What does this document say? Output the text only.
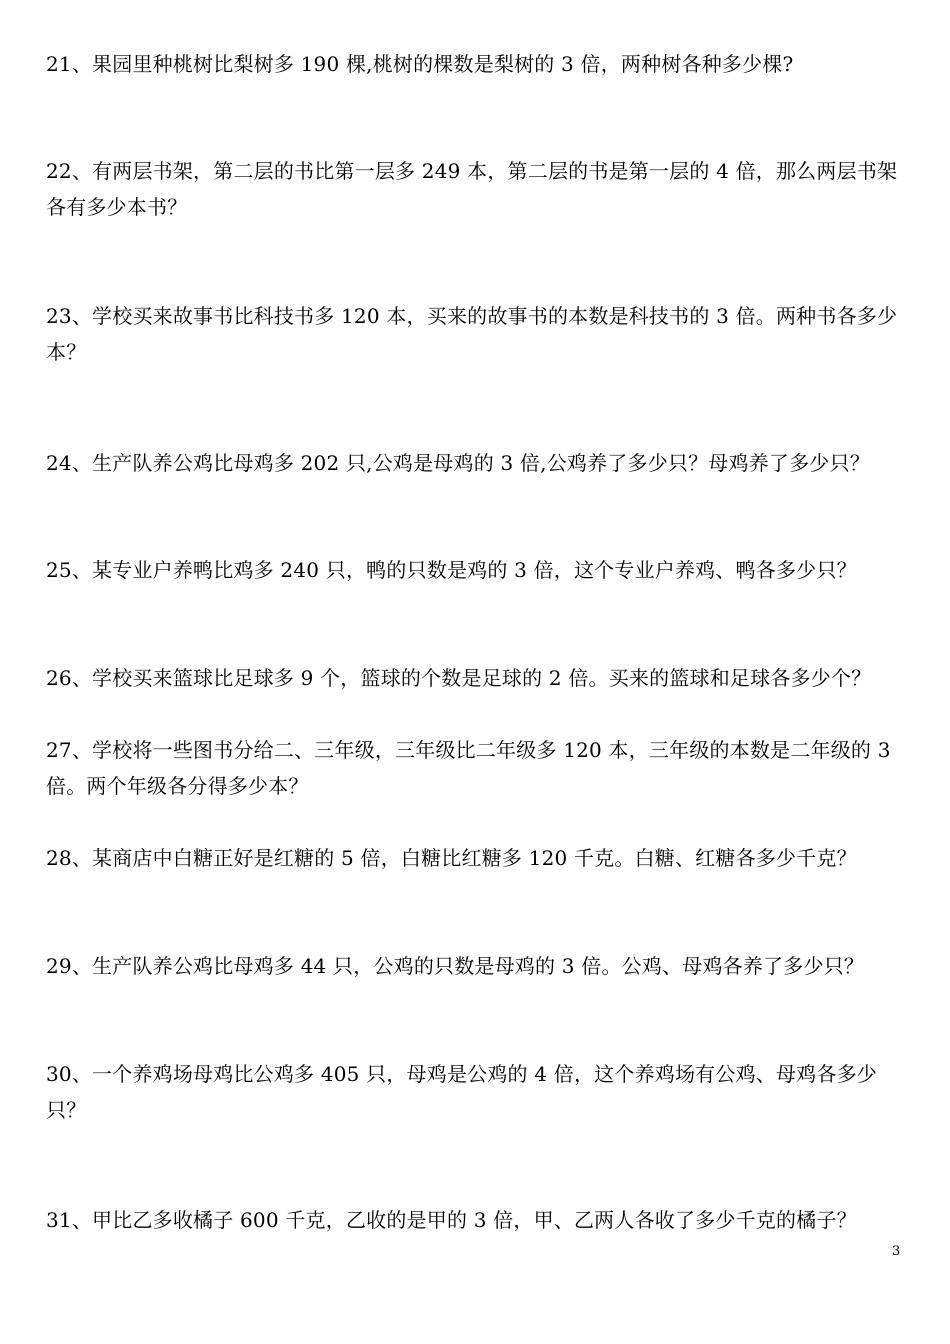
21、果园里种桃树比梨树多 190 棵,桃树的棵数是梨树的 3 倍，两种树各种多少棵?

22、有两层书架，第二层的书比第一层多 249 本，第二层的书是第一层的 4 倍，那么两层书架各有多少本书？

23、学校买来故事书比科技书多 120 本，买来的故事书的本数是科技书的 3 倍。两种书各多少本？

24、生产队养公鸡比母鸡多 202 只,公鸡是母鸡的 3 倍,公鸡养了多少只？母鸡养了多少只？

25、某专业户养鸭比鸡多 240 只，鸭的只数是鸡的 3 倍，这个专业户养鸡、鸭各多少只？

26、学校买来篮球比足球多 9 个，篮球的个数是足球的 2 倍。买来的篮球和足球各多少个？

27、学校将一些图书分给二、三年级，三年级比二年级多 120 本，三年级的本数是二年级的 3 倍。两个年级各分得多少本？

28、某商店中白糖正好是红糖的 5 倍，白糖比红糖多 120 千克。白糖、红糖各多少千克？

29、生产队养公鸡比母鸡多 44 只，公鸡的只数是母鸡的 3 倍。公鸡、母鸡各养了多少只？

30、一个养鸡场母鸡比公鸡多 405 只，母鸡是公鸡的 4 倍，这个养鸡场有公鸡、母鸡各多少只？

31、甲比乙多收橘子 600 千克，乙收的是甲的 3 倍，甲、乙两人各收了多少千克的橘子？

3
